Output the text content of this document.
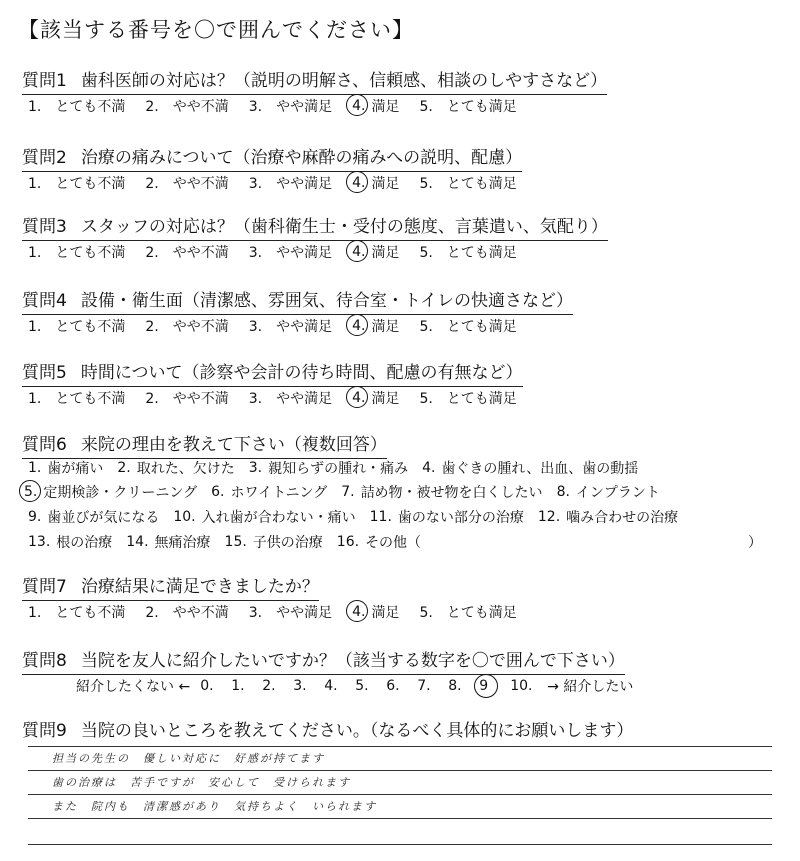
【該当する番号を〇で囲んでください】
質問1 歯科医師の対応は？（説明の明解さ、信頼感、相談のしやすさなど）
1.　とても不満 2.　やや不満 3.　やや満足 4. 満足 5.　とても満足
質問2 治療の痛みについて（治療や麻酔の痛みへの説明、配慮）
1.　とても不満 2.　やや不満 3.　やや満足 4. 満足 5.　とても満足
質問3 スタッフの対応は？（歯科衛生士・受付の態度、言葉遣い、気配り）
1.　とても不満 2.　やや不満 3.　やや満足 4. 満足 5.　とても満足
質問4 設備・衛生面（清潔感、雰囲気、待合室・トイレの快適さなど）
1.　とても不満 2.　やや不満 3.　やや満足 4. 満足 5.　とても満足
質問5 時間について（診察や会計の待ち時間、配慮の有無など）
1.　とても不満 2.　やや不満 3.　やや満足 4. 満足 5.　とても満足
質問6 来院の理由を教えて下さい（複数回答）
1. 歯が痛い 2. 取れた、欠けた 3. 親知らずの腫れ・痛み 4. 歯ぐきの腫れ、出血、歯の動揺
5. 定期検診・クリーニング 6. ホワイトニング 7. 詰め物・被せ物を白くしたい 8. インプラント
9. 歯並びが気になる 10. 入れ歯が合わない・痛い 11. 歯のない部分の治療 12. 噛み合わせの治療
13. 根の治療 14. 無痛治療 15. 子供の治療 16. その他（	）
質問7 治療結果に満足できましたか？
1.　とても不満 2.　やや不満 3.　やや満足 4. 満足 5.　とても満足
質問8 当院を友人に紹介したいですか？（該当する数字を〇で囲んで下さい）
紹介したくない ← 0.	1.	2.	3.	4.	5.	6.	7.	8.	9	10.	→ 紹介したい
質問9 当院の良いところを教えてください。（なるべく具体的にお願いします）
担当の先生の　優しい対応に　好感が持てます
歯の治療は　苦手ですが　安心して　受けられます
また　院内も　清潔感があり　気持ちよく　いられます
